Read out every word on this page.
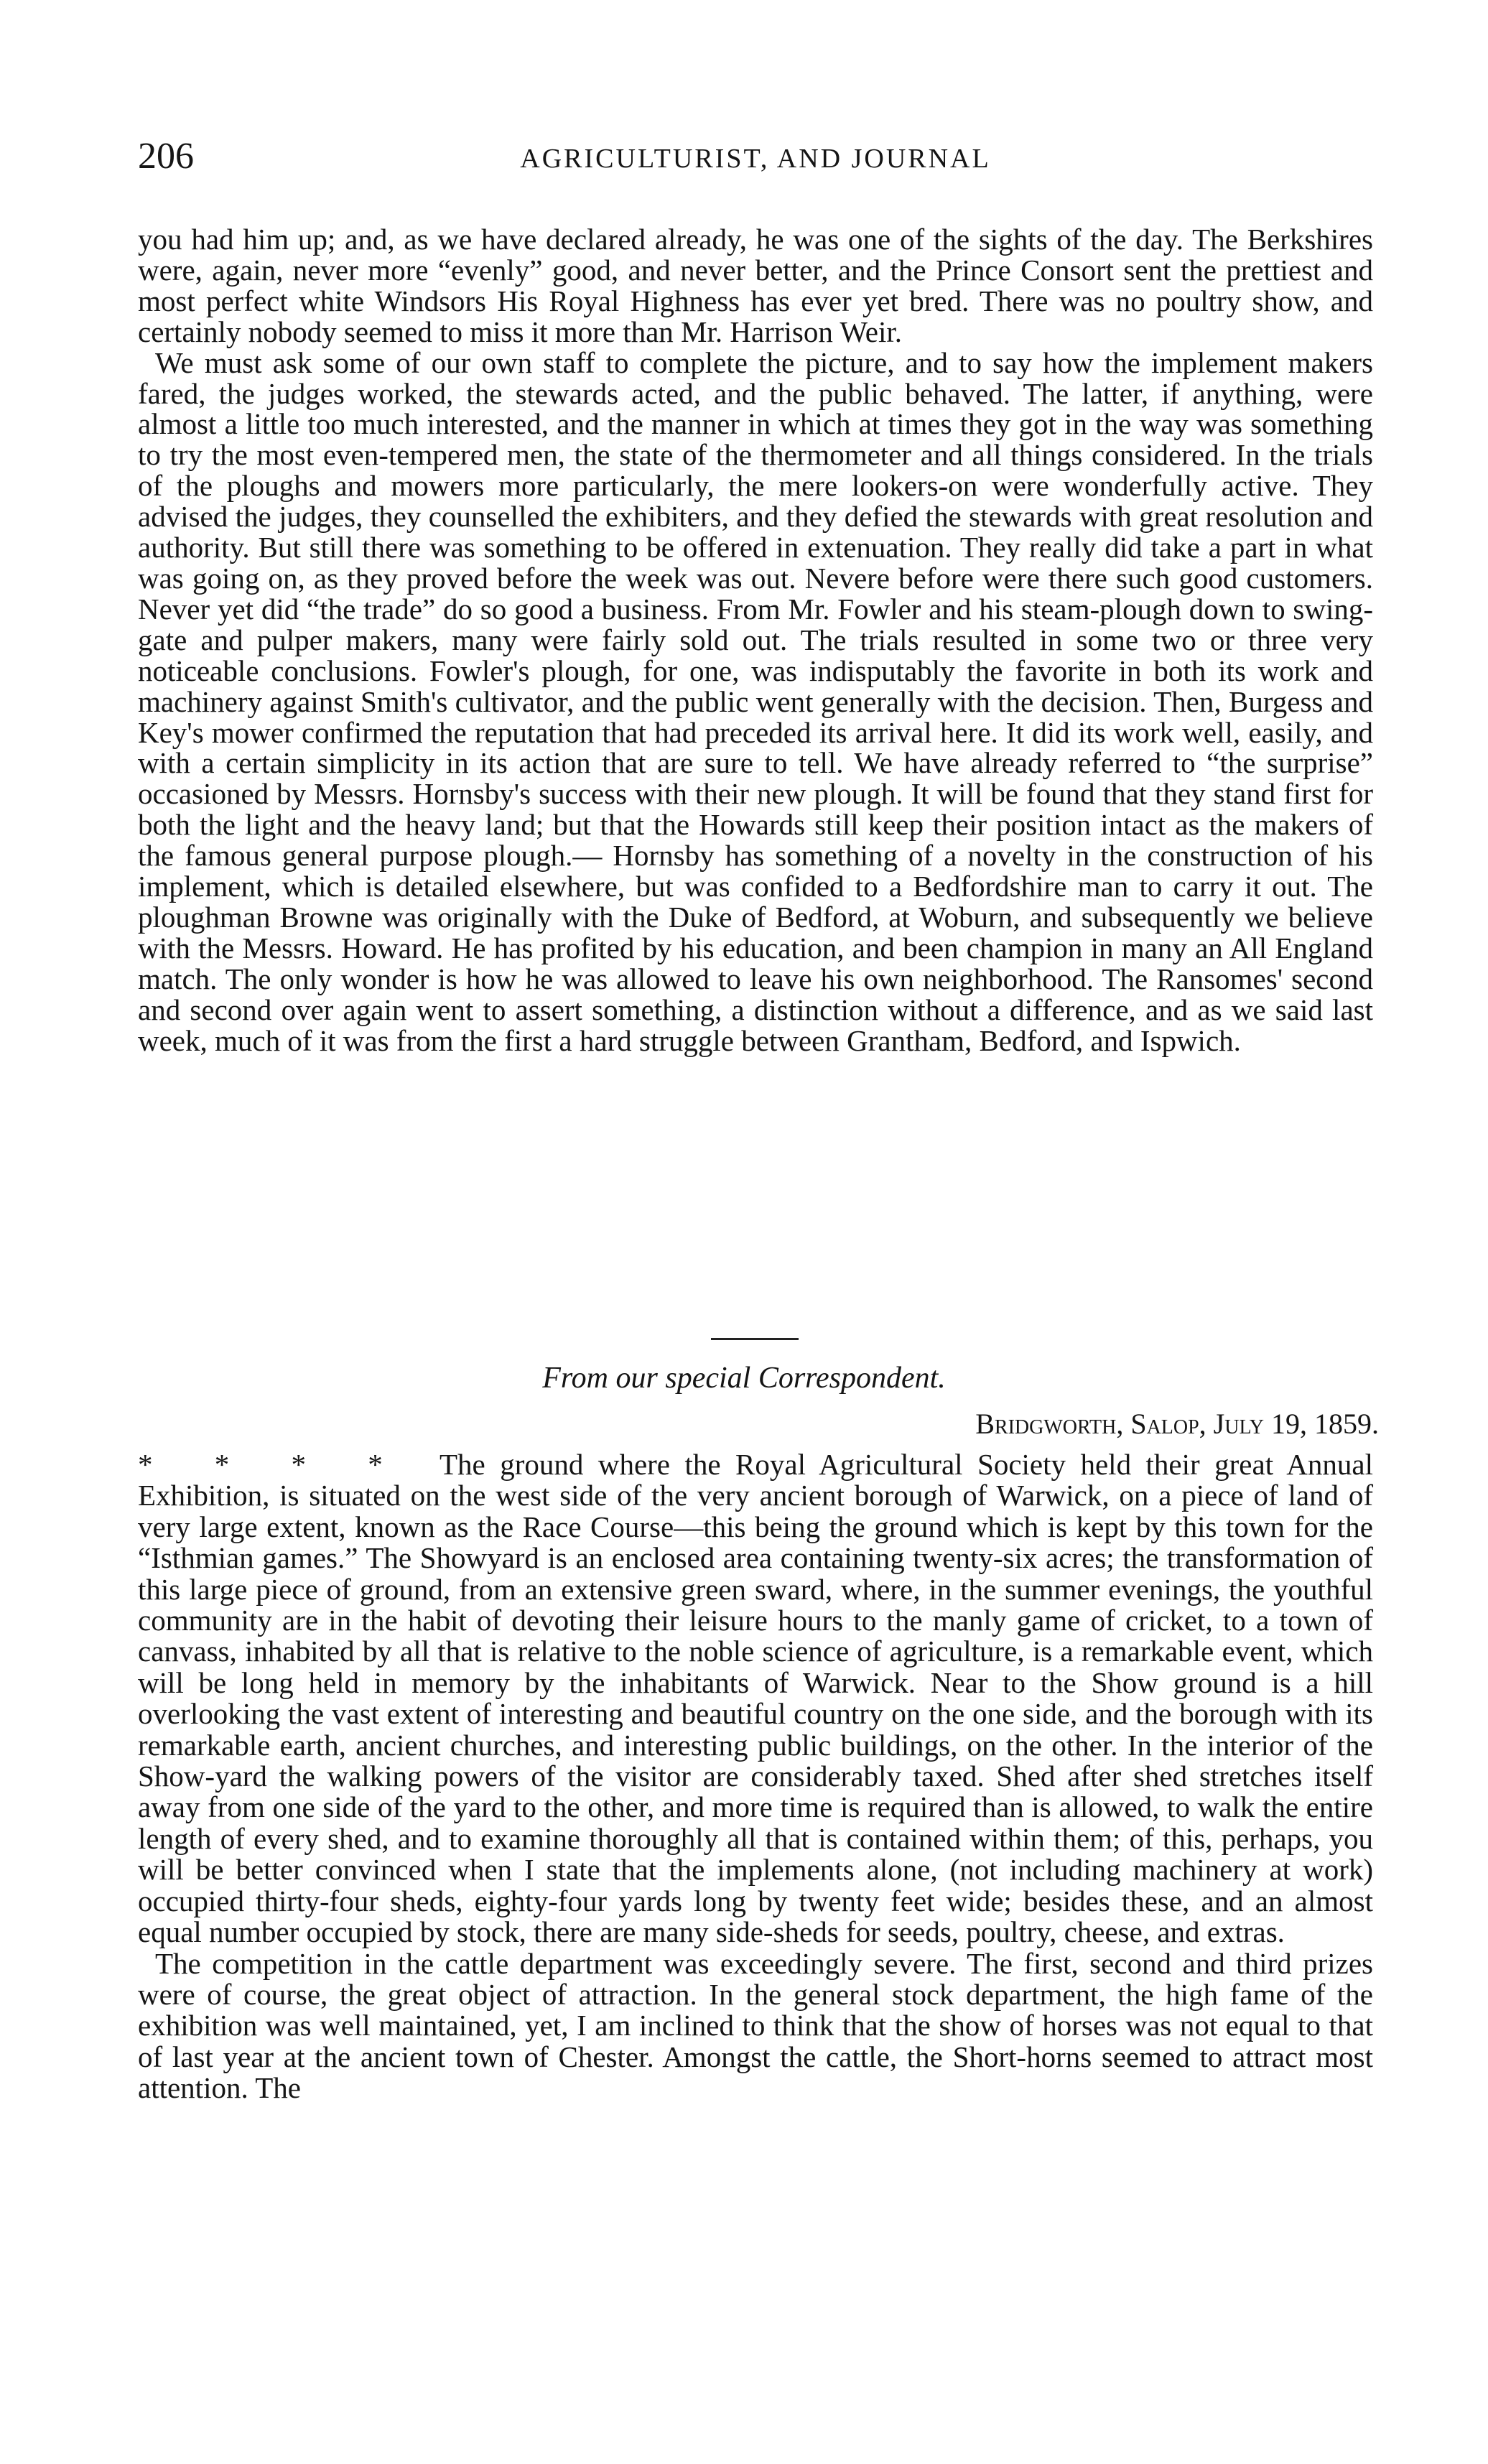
206	AGRICULTURIST, AND JOURNAL

you had him up; and, as we have declared already, he was one of the sights of the day. The Berkshires were, again, never more “evenly” good, and never better, and the Prince Consort sent the prettiest and most perfect white Windsors His Royal Highness has ever yet bred. There was no poultry show, and certainly nobody seemed to miss it more than Mr. Harrison Weir.

We must ask some of our own staff to complete the picture, and to say how the implement makers fared, the judges worked, the stewards acted, and the public behaved. The latter, if anything, were almost a little too much interested, and the manner in which at times they got in the way was something to try the most even-tempered men, the state of the thermometer and all things considered. In the trials of the ploughs and mowers more particularly, the mere lookers-on were wonderfully active. They advised the judges, they counselled the exhibiters, and they defied the stewards with great resolution and authority. But still there was something to be offered in extenuation. They really did take a part in what was going on, as they proved before the week was out. Nevere before were there such good customers. Never yet did “the trade” do so good a business. From Mr. Fowler and his steam-plough down to swing-gate and pulper makers, many were fairly sold out. The trials resulted in some two or three very noticeable conclusions. Fowler's plough, for one, was indisputably the favorite in both its work and machinery against Smith's cultivator, and the public went generally with the decision. Then, Burgess and Key's mower confirmed the reputation that had preceded its arrival here. It did its work well, easily, and with a certain simplicity in its action that are sure to tell. We have already referred to “the surprise” occasioned by Messrs. Hornsby's success with their new plough. It will be found that they stand first for both the light and the heavy land; but that the Howards still keep their position intact as the makers of the famous general purpose plough.— Hornsby has something of a novelty in the construction of his implement, which is detailed elsewhere, but was confided to a Bedfordshire man to carry it out. The ploughman Browne was originally with the Duke of Bedford, at Woburn, and subsequently we believe with the Messrs. Howard. He has profited by his education, and been champion in many an All England match. The only wonder is how he was allowed to leave his own neighborhood. The Ransomes' second and second over again went to assert something, a distinction without a difference, and as we said last week, much of it was from the first a hard struggle between Grantham, Bedford, and Ispwich.

From our special Correspondent.
Bridgworth, Salop, July 19, 1859.

* * * * The ground where the Royal Agricultural Society held their great Annual Exhibition, is situated on the west side of the very ancient borough of Warwick, on a piece of land of very large extent, known as the Race Course—this being the ground which is kept by this town for the “Isthmian games.” The Showyard is an enclosed area containing twenty-six acres; the transformation of this large piece of ground, from an extensive green sward, where, in the summer evenings, the youthful community are in the habit of devoting their leisure hours to the manly game of cricket, to a town of canvass, inhabited by all that is relative to the noble science of agriculture, is a remarkable event, which will be long held in memory by the inhabitants of Warwick. Near to the Show ground is a hill overlooking the vast extent of interesting and beautiful country on the one side, and the borough with its remarkable earth, ancient churches, and interesting public buildings, on the other. In the interior of the Show-yard the walking powers of the visitor are considerably taxed. Shed after shed stretches itself away from one side of the yard to the other, and more time is required than is allowed, to walk the entire length of every shed, and to examine thoroughly all that is contained within them; of this, perhaps, you will be better convinced when I state that the implements alone, (not including machinery at work) occupied thirty-four sheds, eighty-four yards long by twenty feet wide; besides these, and an almost equal number occupied by stock, there are many side-sheds for seeds, poultry, cheese, and extras.

The competition in the cattle department was exceedingly severe. The first, second and third prizes were of course, the great object of attraction. In the general stock department, the high fame of the exhibition was well maintained, yet, I am inclined to think that the show of horses was not equal to that of last year at the ancient town of Chester. Amongst the cattle, the Short-horns seemed to attract most attention. The
